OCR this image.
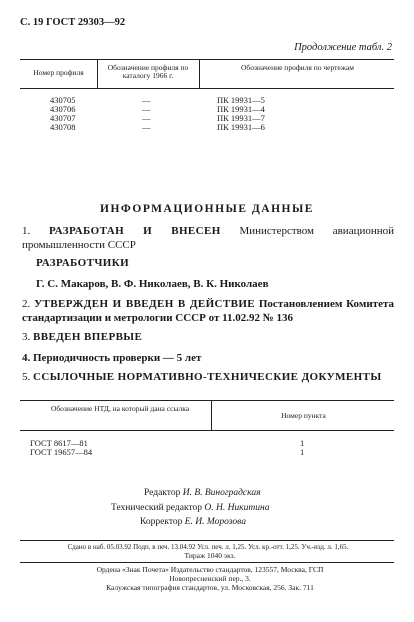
С. 19 ГОСТ 29303—92
Продолжение табл. 2
Номер профиля
Обозначение профиля по каталогу 1966 г.
Обозначение профиля по чертежам
430705	—	ПК 19931—5
430706	—	ПК 19931—4
430707	—	ПК 19931—7
430708	—	ПК 19931—6
ИНФОРМАЦИОННЫЕ ДАННЫЕ
1. РАЗРАБОТАН И ВНЕСЕН Министерством авиационной промышленности СССР
РАЗРАБОТЧИКИ
Г. С. Макаров, В. Ф. Николаев, В. К. Николаев
2. УТВЕРЖДЕН И ВВЕДЕН В ДЕЙСТВИЕ Постановлением Комитета стандартизации и метрологии СССР от 11.02.92 № 136
3. ВВЕДЕН ВПЕРВЫЕ
4. Периодичность проверки — 5 лет
5. ССЫЛОЧНЫЕ НОРМАТИВНО-ТЕХНИЧЕСКИЕ ДОКУМЕНТЫ
Обозначение НТД, на который дана ссылка
Номер пункта
ГОСТ 8617—81	1
ГОСТ 19657—84	1
Редактор И. В. Виноградская
Технический редактор О. Н. Никитина
Корректор Е. И. Морозова
Сдано в наб. 05.03.92 Подп. в печ. 13.04.92 Усл. печ. л. 1,25. Усл. кр.-отт. 1,25. Уч.-изд. л. 1,65.
Тираж 1040 экз.
Ордена «Знак Почета» Издательство стандартов, 123557, Москва, ГСП
Новопресненский пер., 3.
Калужская типография стандартов, ул. Московская, 256. Зак. 711
